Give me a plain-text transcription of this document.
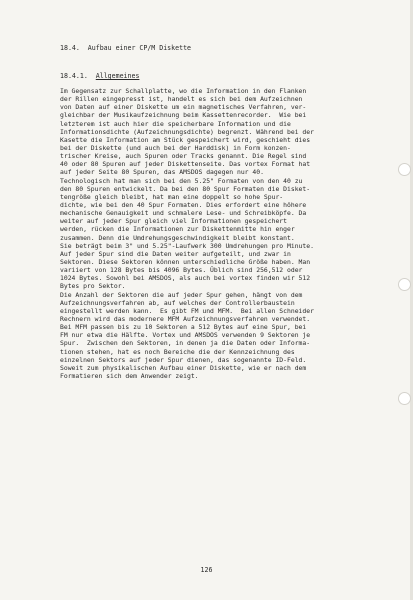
18.4.  Aufbau einer CP/M Diskette
18.4.1. Allgemeines
Im Gegensatz zur Schallplatte, wo die Information in den Flanken
der Rillen eingepresst ist, handelt es sich bei dem Aufzeichnen
von Daten auf einer Diskette um ein magnetisches Verfahren, ver-
gleichbar der Musikaufzeichnung beim Kassettenrecorder.  Wie bei
letzterem ist auch hier die speicherbare Information und die
Informationsdichte (Aufzeichnungsdichte) begrenzt. Während bei der
Kasette die Information am Stück gespeichert wird, geschieht dies
bei der Diskette (und auch bei der Harddisk) in Form konzen-
trischer Kreise, auch Spuren oder Tracks genannt. Die Regel sind
40 oder 80 Spuren auf jeder Diskettenseite. Das vortex Format hat
auf jeder Seite 80 Spuren, das AMSDOS dagegen nur 40.
Technologisch hat man sich bei den 5.25" Formaten von den 40 zu
den 80 Spuren entwickelt. Da bei den 80 Spur Formaten die Disket-
tengröße gleich bleibt, hat man eine doppelt so hohe Spur-
dichte, wie bei den 40 Spur Formaten. Dies erfordert eine höhere
mechanische Genauigkeit und schmalere Lese- und Schreibköpfe. Da
weiter auf jeder Spur gleich viel Informationen gespeichert
werden, rücken die Informationen zur Diskettenmitte hin enger
zusammen. Denn die Umdrehungsgeschwindigkeit bleibt konstant.
Sie beträgt beim 3" und 5.25"-Laufwerk 300 Umdrehungen pro Minute.
Auf jeder Spur sind die Daten weiter aufgeteilt, und zwar in
Sektoren. Diese Sektoren können unterschiedliche Größe haben. Man
variiert von 128 Bytes bis 4096 Bytes. Üblich sind 256,512 oder
1024 Bytes. Sowohl bei AMSDOS, als auch bei vortex finden wir 512
Bytes pro Sektor.
Die Anzahl der Sektoren die auf jeder Spur gehen, hängt von dem
Aufzeichnungsverfahren ab, auf welches der Controllerbaustein
eingestellt werden kann.  Es gibt FM und MFM.  Bei allen Schneider
Rechnern wird das modernere MFM Aufzeichnungsverfahren verwendet.
Bei MFM passen bis zu 10 Sektoren a 512 Bytes auf eine Spur, bei
FM nur etwa die Hälfte. Vortex und AMSDOS verwenden 9 Sektoren je
Spur.  Zwischen den Sektoren, in denen ja die Daten oder Informa-
tionen stehen, hat es noch Bereiche die der Kennzeichnung des
einzelnen Sektors auf jeder Spur dienen, das sogenannte ID-Feld.
Soweit zum physikalischen Aufbau einer Diskette, wie er nach dem
Formatieren sich dem Anwender zeigt.
126
